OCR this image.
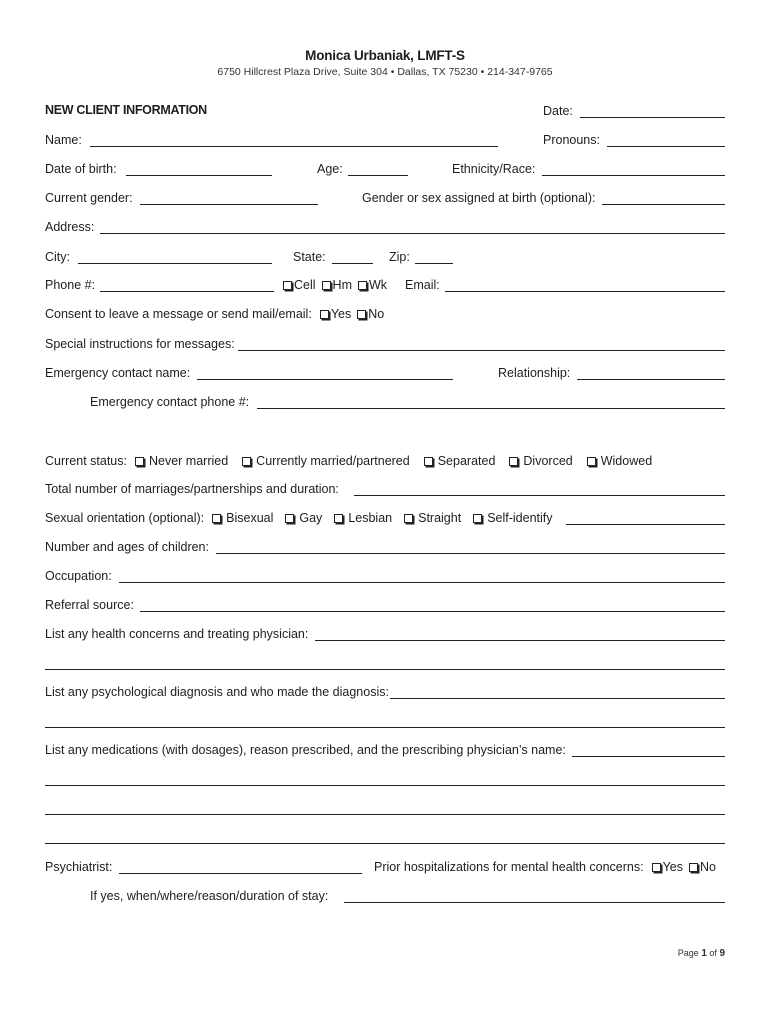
Monica Urbaniak, LMFT-S
6750 Hillcrest Plaza Drive, Suite 304 • Dallas, TX 75230 • 214-347-9765
NEW CLIENT INFORMATION	Date:
Name:	Pronouns:
Date of birth:	Age:	Ethnicity/Race:
Current gender:	Gender or sex assigned at birth (optional):
Address:
City:	State:	Zip:
Phone #:	Cell Hm Wk Email:
Consent to leave a message or send mail/email: Yes No
Special instructions for messages:
Emergency contact name:	Relationship:
Emergency contact phone #:
Current status: Never married Currently married/partnered Separated Divorced Widowed
Total number of marriages/partnerships and duration:
Sexual orientation (optional): Bisexual Gay Lesbian Straight Self-identify
Number and ages of children:
Occupation:
Referral source:
List any health concerns and treating physician:
List any psychological diagnosis and who made the diagnosis:
List any medications (with dosages), reason prescribed, and the prescribing physician’s name:
Psychiatrist:	Prior hospitalizations for mental health concerns: Yes No
If yes, when/where/reason/duration of stay:
Page 1 of 9
